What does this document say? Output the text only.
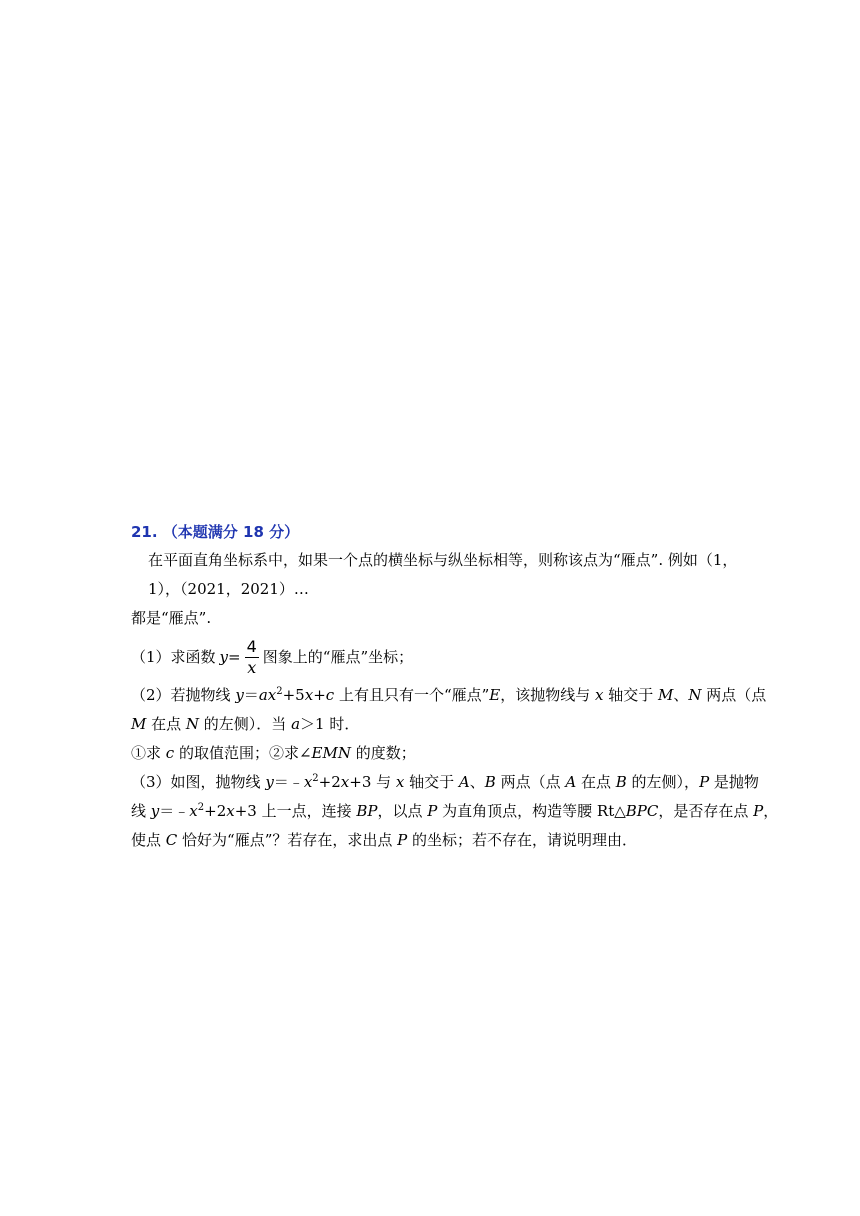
21. （本题满分 18 分）
在平面直角坐标系中，如果一个点的横坐标与纵坐标相等，则称该点为“雁点”. 例如（1，
1），（2021，2021）…
都是“雁点”.
（1）求函数 $y = \frac{4}{x}$ 图象上的“雁点”坐标；
（2）若抛物线 $y=ax^2+5x+c$ 上有且只有一个“雁点”E，该抛物线与 x 轴交于 M、N 两点（点
M 在点 N 的左侧）．当 a＞1 时．
①求 c 的取值范围；②求∠EMN 的度数；
（3）如图，抛物线 $y=﹣x^2+2x+3$ 与 x 轴交于 A、B 两点（点 A 在点 B 的左侧），P 是抛物
线 $y=﹣x^2+2x+3$ 上一点，连接 BP，以点 P 为直角顶点，构造等腰 Rt△BPC，是否存在点 P，
使点 C 恰好为“雁点”？若存在，求出点 P 的坐标；若不存在，请说明理由．
